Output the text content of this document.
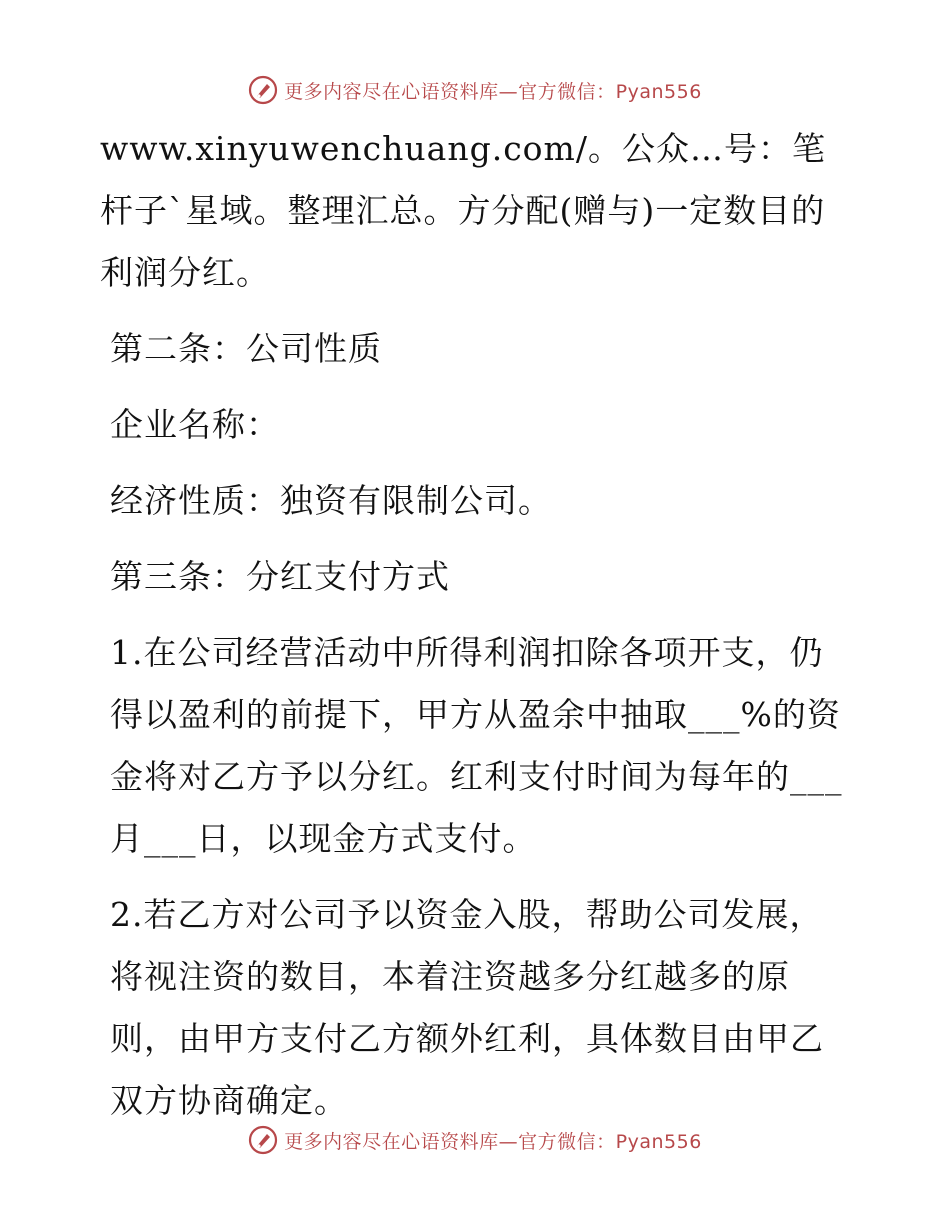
更多内容尽在心语资料库—官方微信：Pyan556

www.xinyuwenchuang.com/。公众…号：笔杆子`星域。整理汇总。方分配(赠与)一定数目的利润分红。

第二条：公司性质

企业名称：

经济性质：独资有限制公司。

第三条：分红支付方式

1.在公司经营活动中所得利润扣除各项开支，仍得以盈利的前提下，甲方从盈余中抽取___%的资金将对乙方予以分红。红利支付时间为每年的___月___日，以现金方式支付。

2.若乙方对公司予以资金入股，帮助公司发展，将视注资的数目，本着注资越多分红越多的原则，由甲方支付乙方额外红利，具体数目由甲乙双方协商确定。

更多内容尽在心语资料库—官方微信：Pyan556
